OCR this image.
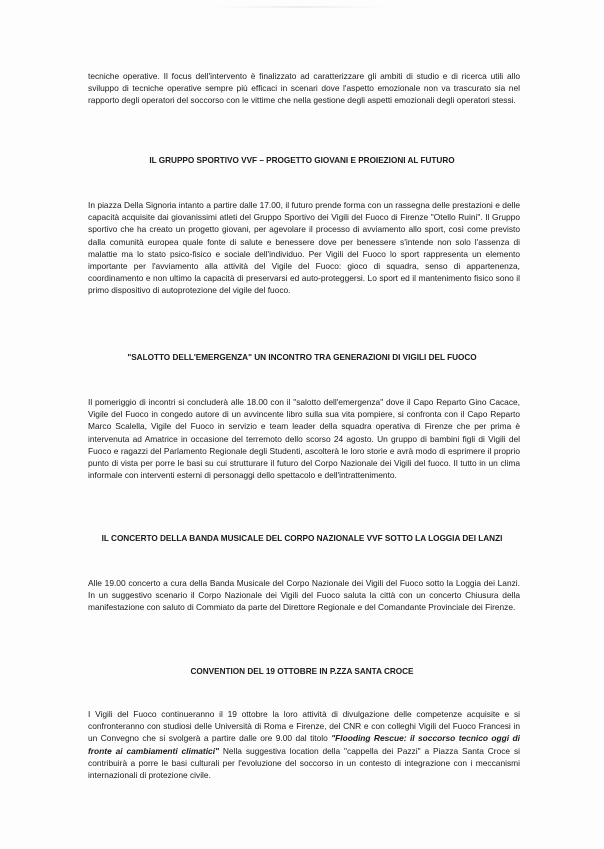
tecniche operative. Il focus dell'intervento è finalizzato ad caratterizzare gli ambiti di studio e di ricerca utili allo sviluppo di tecniche operative sempre più efficaci in scenari dove l'aspetto emozionale non va trascurato sia nel rapporto degli operatori del soccorso con le vittime che nella gestione degli aspetti emozionali degli operatori stessi.

IL GRUPPO SPORTIVO VVF – PROGETTO GIOVANI E PROIEZIONI AL FUTURO

In piazza Della Signoria intanto a partire dalle 17.00, il futuro prende forma con un rassegna delle prestazioni e delle capacità acquisite dai giovanissimi atleti del Gruppo Sportivo dei Vigili del Fuoco di Firenze "Otello Ruini". Il Gruppo sportivo che ha creato un progetto giovani, per agevolare il processo di avviamento allo sport, così come previsto dalla comunità europea quale fonte di salute e benessere dove per benessere s'intende non solo l'assenza di malattie ma lo stato psico-fisico e sociale dell'individuo. Per Vigili del Fuoco lo sport rappresenta un elemento importante per l'avviamento alla attività del Vigile del Fuoco: gioco di squadra, senso di appartenenza, coordinamento e non ultimo la capacità di preservarsi ed auto-proteggersi. Lo sport ed il mantenimento fisico sono il primo dispositivo di autoprotezione del vigile del fuoco.

"SALOTTO DELL'EMERGENZA" UN INCONTRO TRA GENERAZIONI DI VIGILI DEL FUOCO

Il pomeriggio di incontri si concluderà alle 18.00 con il "salotto dell'emergenza" dove il Capo Reparto Gino Cacace, Vigile del Fuoco in congedo autore di un avvincente libro sulla sua vita pompiere, si confronta con il Capo Reparto Marco Scalella, Vigile del Fuoco in servizio e team leader della squadra operativa di Firenze che per prima è intervenuta ad Amatrice in occasione del terremoto dello scorso 24 agosto. Un gruppo di bambini figli di Vigili del Fuoco e ragazzi del Parlamento Regionale degli Studenti, ascolterà le loro storie e avrà modo di esprimere il proprio punto di vista per porre le basi su cui strutturare il futuro del Corpo Nazionale dei Vigili del fuoco. Il tutto in un clima informale con interventi esterni di personaggi dello spettacolo e dell'intrattenimento.

IL CONCERTO DELLA BANDA MUSICALE DEL CORPO NAZIONALE VVF SOTTO LA LOGGIA DEI LANZI

Alle 19.00 concerto a cura della Banda Musicale del Corpo Nazionale dei Vigili del Fuoco sotto la Loggia dei Lanzi. In un suggestivo scenario il Corpo Nazionale dei Vigili del Fuoco saluta la città con un concerto Chiusura della manifestazione con saluto di Commiato da parte del Direttore Regionale e del Comandante Provinciale dei Firenze.

CONVENTION DEL 19 OTTOBRE IN P.ZZA SANTA CROCE

I Vigili del Fuoco continueranno il 19 ottobre la loro attività di divulgazione delle competenze acquisite e si confronteranno con studiosi delle Università di Roma e Firenze, del CNR e con colleghi Vigili del Fuoco Francesi in un Convegno che si svolgerà a partire dalle ore 9.00 dal titolo "Flooding Rescue: il soccorso tecnico oggi di fronte ai cambiamenti climatici" Nella suggestiva location della "cappella dei Pazzi" a Piazza Santa Croce si contribuirà a porre le basi culturali per l'evoluzione del soccorso in un contesto di integrazione con i meccanismi internazionali di protezione civile.
